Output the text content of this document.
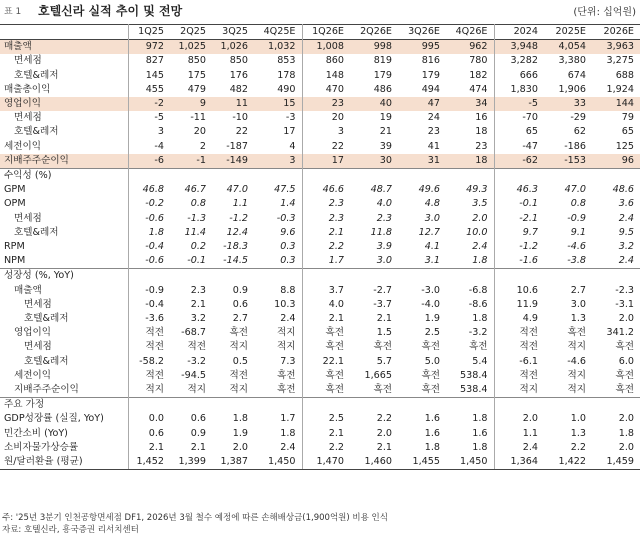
표 1 호텔신라 실적 추이 및 전망	(단위: 십억원)
	1Q25	2Q25	3Q25	4Q25E	1Q26E	2Q26E	3Q26E	4Q26E	2024	2025E	2026E
매출액	972	1,025	1,026	1,032	1,008	998	995	962	3,948	4,054	3,963
면세점	827	850	850	853	860	819	816	780	3,282	3,380	3,275
호텔&레저	145	175	176	178	148	179	179	182	666	674	688
매출총이익	455	479	482	490	470	486	494	474	1,830	1,906	1,924
영업이익	-2	9	11	15	23	40	47	34	-5	33	144
면세점	-5	-11	-10	-3	20	19	24	16	-70	-29	79
호텔&레저	3	20	22	17	3	21	23	18	65	62	65
세전이익	-4	2	-187	4	22	39	41	23	-47	-186	125
지배주주순이익	-6	-1	-149	3	17	30	31	18	-62	-153	96
수익성 (%)											
GPM	46.8	46.7	47.0	47.5	46.6	48.7	49.6	49.3	46.3	47.0	48.6
OPM	-0.2	0.8	1.1	1.4	2.3	4.0	4.8	3.5	-0.1	0.8	3.6
면세점	-0.6	-1.3	-1.2	-0.3	2.3	2.3	3.0	2.0	-2.1	-0.9	2.4
호텔&레저	1.8	11.4	12.4	9.6	2.1	11.8	12.7	10.0	9.7	9.1	9.5
RPM	-0.4	0.2	-18.3	0.3	2.2	3.9	4.1	2.4	-1.2	-4.6	3.2
NPM	-0.6	-0.1	-14.5	0.3	1.7	3.0	3.1	1.8	-1.6	-3.8	2.4
성장성 (%, YoY)											
매출액	-0.9	2.3	0.9	8.8	3.7	-2.7	-3.0	-6.8	10.6	2.7	-2.3
면세점	-0.4	2.1	0.6	10.3	4.0	-3.7	-4.0	-8.6	11.9	3.0	-3.1
호텔&레저	-3.6	3.2	2.7	2.4	2.1	2.1	1.9	1.8	4.9	1.3	2.0
영업이익	적전	-68.7	흑전	적지	흑전	1.5	2.5	-3.2	적전	흑전	341.2
면세점	적전	적전	적지	적지	흑전	흑전	흑전	흑전	적전	적지	흑전
호텔&레저	-58.2	-3.2	0.5	7.3	22.1	5.7	5.0	5.4	-6.1	-4.6	6.0
세전이익	적전	-94.5	적전	흑전	흑전	1,665	흑전	538.4	적전	적지	흑전
지배주주순이익	적지	적지	적지	흑전	흑전	흑전	흑전	538.4	적지	적지	흑전
주요 가정											
GDP성장률 (실질, YoY)	0.0	0.6	1.8	1.7	2.5	2.2	1.6	1.8	2.0	1.0	2.0
민간소비 (YoY)	0.6	0.9	1.9	1.8	2.1	2.0	1.6	1.6	1.1	1.3	1.8
소비자물가상승률	2.1	2.1	2.0	2.4	2.2	2.1	1.8	1.8	2.4	2.2	2.0
원/달러환율 (평균)	1,452	1,399	1,387	1,450	1,470	1,460	1,455	1,450	1,364	1,422	1,459
주: '25년 3분기 인천공항면세점 DF1, 2026년 3월 철수 예정에 따른 손해배상금(1,900억원) 비용 인식
자료: 호텔신라, 흥국증권 리서치센터
